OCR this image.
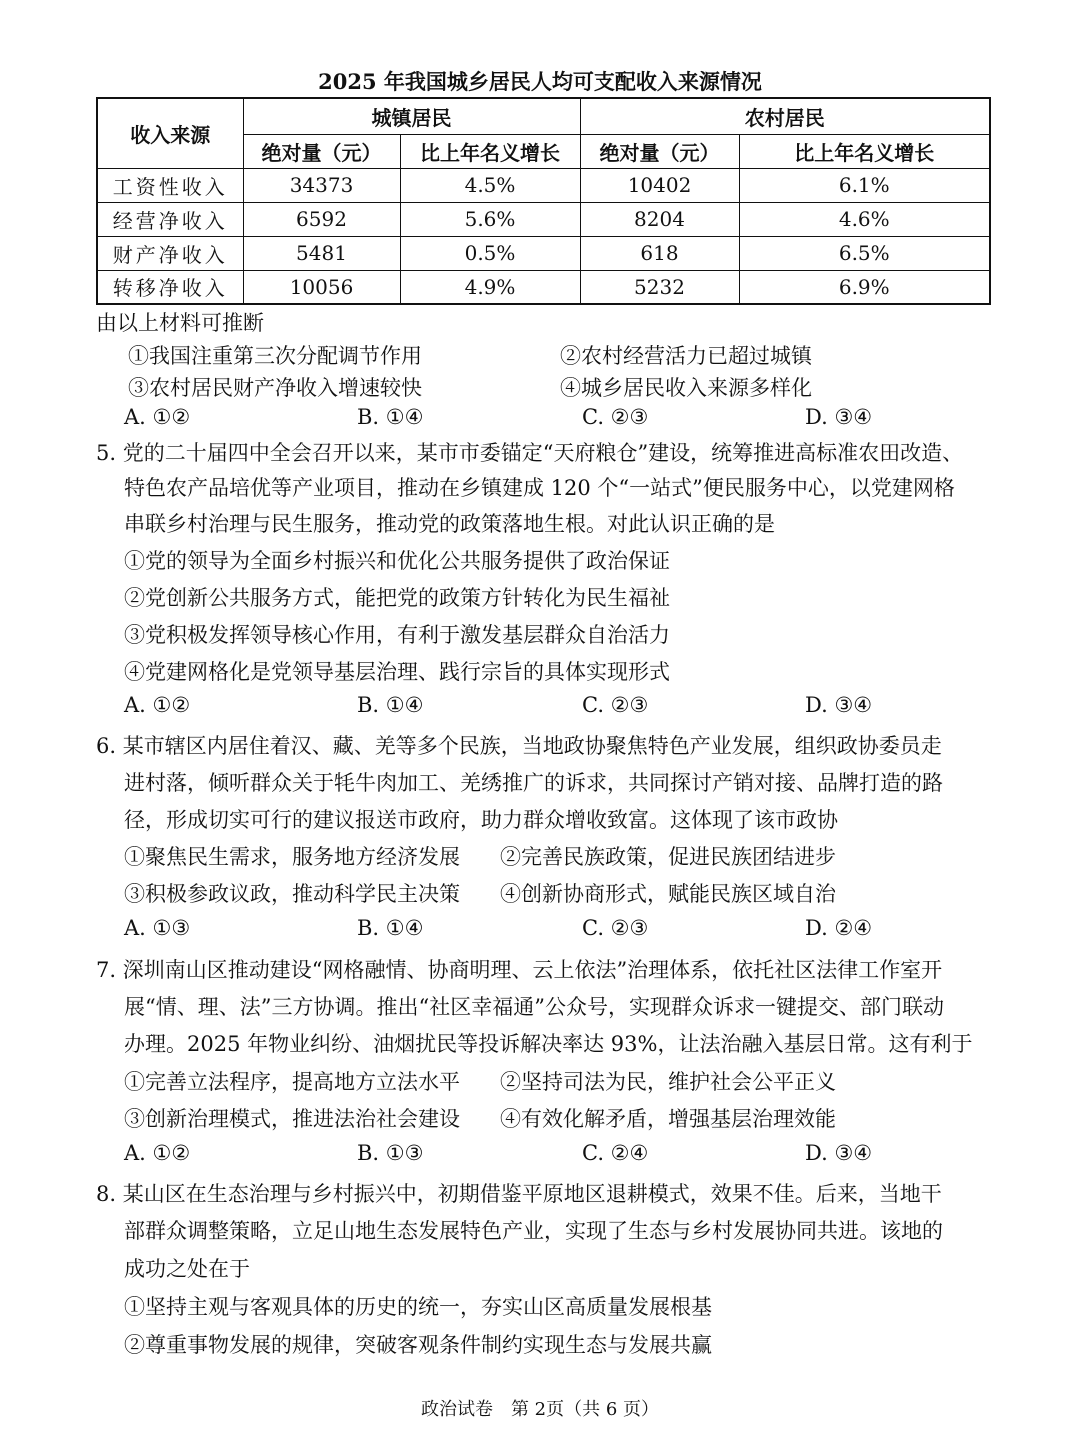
2025 年我国城乡居民人均可支配收入来源情况
收入来源	城镇居民		农村居民	
	绝对量（元）	比上年名义增长	绝对量（元）	比上年名义增长
工资性收入	34373	4.5%	10402	6.1%
经营净收入	6592	5.6%	8204	4.6%
财产净收入	5481	0.5%	618	6.5%
转移净收入	10056	4.9%	5232	6.9%
由以上材料可推断
①我国注重第三次分配调节作用	②农村经营活力已超过城镇
③农村居民财产净收入增速较快	④城乡居民收入来源多样化
A. ①②	B. ①④	C. ②③	D. ③④
5. 党的二十届四中全会召开以来，某市市委锚定“天府粮仓”建设，统筹推进高标准农田改造、
特色农产品培优等产业项目，推动在乡镇建成 120 个“一站式”便民服务中心，以党建网格
串联乡村治理与民生服务，推动党的政策落地生根。对此认识正确的是
①党的领导为全面乡村振兴和优化公共服务提供了政治保证
②党创新公共服务方式，能把党的政策方针转化为民生福祉
③党积极发挥领导核心作用，有利于激发基层群众自治活力
④党建网格化是党领导基层治理、践行宗旨的具体实现形式
A. ①②	B. ①④	C. ②③	D. ③④
6. 某市辖区内居住着汉、藏、羌等多个民族，当地政协聚焦特色产业发展，组织政协委员走
进村落，倾听群众关于牦牛肉加工、羌绣推广的诉求，共同探讨产销对接、品牌打造的路
径，形成切实可行的建议报送市政府，助力群众增收致富。这体现了该市政协
①聚焦民生需求，服务地方经济发展 ②完善民族政策，促进民族团结进步
③积极参政议政，推动科学民主决策 ④创新协商形式，赋能民族区域自治
A. ①③	B. ①④	C. ②③	D. ②④
7. 深圳南山区推动建设“网格融情、协商明理、云上依法”治理体系，依托社区法律工作室开
展“情、理、法”三方协调。推出“社区幸福通”公众号，实现群众诉求一键提交、部门联动
办理。2025 年物业纠纷、油烟扰民等投诉解决率达 93%，让法治融入基层日常。这有利于
①完善立法程序，提高地方立法水平 ②坚持司法为民，维护社会公平正义
③创新治理模式，推进法治社会建设 ④有效化解矛盾，增强基层治理效能
A. ①②	B. ①③	C. ②④	D. ③④
8. 某山区在生态治理与乡村振兴中，初期借鉴平原地区退耕模式，效果不佳。后来，当地干
部群众调整策略，立足山地生态发展特色产业，实现了生态与乡村发展协同共进。该地的
成功之处在于
①坚持主观与客观具体的历史的统一，夯实山区高质量发展根基
②尊重事物发展的规律，突破客观条件制约实现生态与发展共赢
政治试卷　第 2页（共 6 页）
